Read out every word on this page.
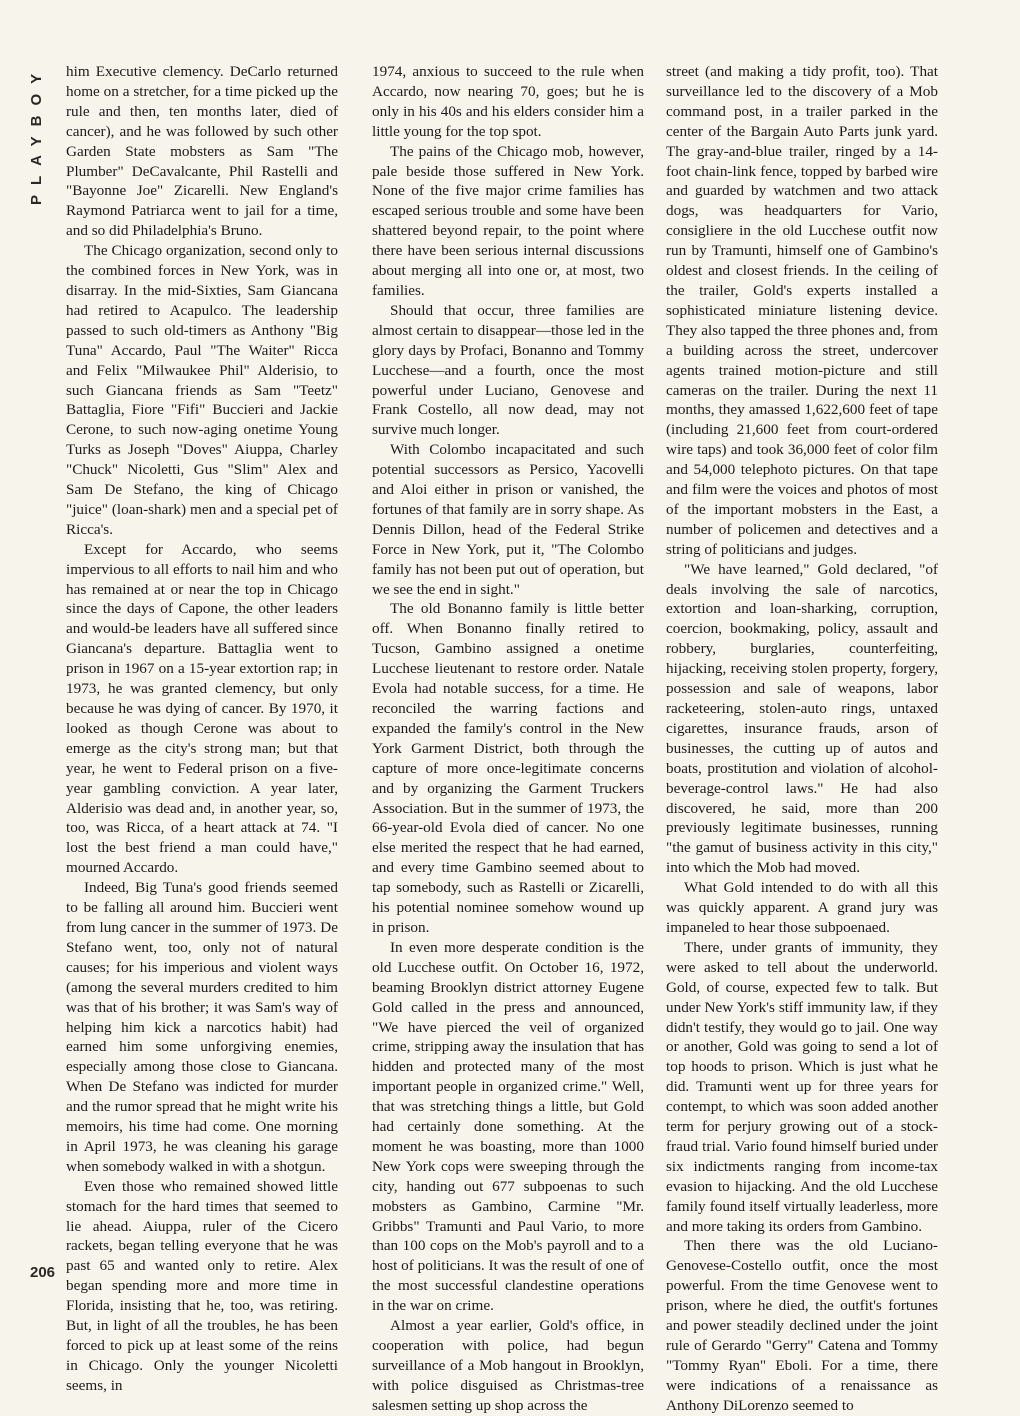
PLAYBOY
206

him Executive clemency. DeCarlo returned home on a stretcher, for a time picked up the rule and then, ten months later, died of cancer), and he was followed by such other Garden State mobsters as Sam "The Plumber" DeCavalcante, Phil Rastelli and "Bayonne Joe" Zicarelli. New England's Raymond Patriarca went to jail for a time, and so did Philadelphia's Bruno.

The Chicago organization, second only to the combined forces in New York, was in disarray. In the mid-Sixties, Sam Giancana had retired to Acapulco. The leadership passed to such old-timers as Anthony "Big Tuna" Accardo, Paul "The Waiter" Ricca and Felix "Milwaukee Phil" Alderisio, to such Giancana friends as Sam "Teetz" Battaglia, Fiore "Fifi" Buccieri and Jackie Cerone, to such now-aging onetime Young Turks as Joseph "Doves" Aiuppa, Charley "Chuck" Nicoletti, Gus "Slim" Alex and Sam De Stefano, the king of Chicago "juice" (loan-shark) men and a special pet of Ricca's.

Except for Accardo, who seems impervious to all efforts to nail him and who has remained at or near the top in Chicago since the days of Capone, the other leaders and would-be leaders have all suffered since Giancana's departure. Battaglia went to prison in 1967 on a 15-year extortion rap; in 1973, he was granted clemency, but only because he was dying of cancer. By 1970, it looked as though Cerone was about to emerge as the city's strong man; but that year, he went to Federal prison on a five-year gambling conviction. A year later, Alderisio was dead and, in another year, so, too, was Ricca, of a heart attack at 74. "I lost the best friend a man could have," mourned Accardo.

Indeed, Big Tuna's good friends seemed to be falling all around him. Buccieri went from lung cancer in the summer of 1973. De Stefano went, too, only not of natural causes; for his imperious and violent ways (among the several murders credited to him was that of his brother; it was Sam's way of helping him kick a narcotics habit) had earned him some unforgiving enemies, especially among those close to Giancana. When De Stefano was indicted for murder and the rumor spread that he might write his memoirs, his time had come. One morning in April 1973, he was cleaning his garage when somebody walked in with a shotgun.

Even those who remained showed little stomach for the hard times that seemed to lie ahead. Aiuppa, ruler of the Cicero rackets, began telling everyone that he was past 65 and wanted only to retire. Alex began spending more and more time in Florida, insisting that he, too, was retiring. But, in light of all the troubles, he has been forced to pick up at least some of the reins in Chicago. Only the younger Nicoletti seems, in

1974, anxious to succeed to the rule when Accardo, now nearing 70, goes; but he is only in his 40s and his elders consider him a little young for the top spot.

The pains of the Chicago mob, however, pale beside those suffered in New York. None of the five major crime families has escaped serious trouble and some have been shattered beyond repair, to the point where there have been serious internal discussions about merging all into one or, at most, two families.

Should that occur, three families are almost certain to disappear—those led in the glory days by Profaci, Bonanno and Tommy Lucchese—and a fourth, once the most powerful under Luciano, Genovese and Frank Costello, all now dead, may not survive much longer.

With Colombo incapacitated and such potential successors as Persico, Yacovelli and Aloi either in prison or vanished, the fortunes of that family are in sorry shape. As Dennis Dillon, head of the Federal Strike Force in New York, put it, "The Colombo family has not been put out of operation, but we see the end in sight."

The old Bonanno family is little better off. When Bonanno finally retired to Tucson, Gambino assigned a onetime Lucchese lieutenant to restore order. Natale Evola had notable success, for a time. He reconciled the warring factions and expanded the family's control in the New York Garment District, both through the capture of more once-legitimate concerns and by organizing the Garment Truckers Association. But in the summer of 1973, the 66-year-old Evola died of cancer. No one else merited the respect that he had earned, and every time Gambino seemed about to tap somebody, such as Rastelli or Zicarelli, his potential nominee somehow wound up in prison.

In even more desperate condition is the old Lucchese outfit. On October 16, 1972, beaming Brooklyn district attorney Eugene Gold called in the press and announced, "We have pierced the veil of organized crime, stripping away the insulation that has hidden and protected many of the most important people in organized crime." Well, that was stretching things a little, but Gold had certainly done something. At the moment he was boasting, more than 1000 New York cops were sweeping through the city, handing out 677 subpoenas to such mobsters as Gambino, Carmine "Mr. Gribbs" Tramunti and Paul Vario, to more than 100 cops on the Mob's payroll and to a host of politicians. It was the result of one of the most successful clandestine operations in the war on crime.

Almost a year earlier, Gold's office, in cooperation with police, had begun surveillance of a Mob hangout in Brooklyn, with police disguised as Christmas-tree salesmen setting up shop across the

street (and making a tidy profit, too). That surveillance led to the discovery of a Mob command post, in a trailer parked in the center of the Bargain Auto Parts junk yard. The gray-and-blue trailer, ringed by a 14-foot chain-link fence, topped by barbed wire and guarded by watchmen and two attack dogs, was headquarters for Vario, consigliere in the old Lucchese outfit now run by Tramunti, himself one of Gambino's oldest and closest friends. In the ceiling of the trailer, Gold's experts installed a sophisticated miniature listening device. They also tapped the three phones and, from a building across the street, undercover agents trained motion-picture and still cameras on the trailer. During the next 11 months, they amassed 1,622,600 feet of tape (including 21,600 feet from court-ordered wire taps) and took 36,000 feet of color film and 54,000 telephoto pictures. On that tape and film were the voices and photos of most of the important mobsters in the East, a number of policemen and detectives and a string of politicians and judges.

"We have learned," Gold declared, "of deals involving the sale of narcotics, extortion and loan-sharking, corruption, coercion, bookmaking, policy, assault and robbery, burglaries, counterfeiting, hijacking, receiving stolen property, forgery, possession and sale of weapons, labor racketeering, stolen-auto rings, untaxed cigarettes, insurance frauds, arson of businesses, the cutting up of autos and boats, prostitution and violation of alcohol-beverage-control laws." He had also discovered, he said, more than 200 previously legitimate businesses, running "the gamut of business activity in this city," into which the Mob had moved.

What Gold intended to do with all this was quickly apparent. A grand jury was impaneled to hear those subpoenaed.

There, under grants of immunity, they were asked to tell about the underworld. Gold, of course, expected few to talk. But under New York's stiff immunity law, if they didn't testify, they would go to jail. One way or another, Gold was going to send a lot of top hoods to prison. Which is just what he did. Tramunti went up for three years for contempt, to which was soon added another term for perjury growing out of a stock-fraud trial. Vario found himself buried under six indictments ranging from income-tax evasion to hijacking. And the old Lucchese family found itself virtually leaderless, more and more taking its orders from Gambino.

Then there was the old Luciano-Genovese-Costello outfit, once the most powerful. From the time Genovese went to prison, where he died, the outfit's fortunes and power steadily declined under the joint rule of Gerardo "Gerry" Catena and Tommy "Tommy Ryan" Eboli. For a time, there were indications of a renaissance as Anthony DiLorenzo seemed to
